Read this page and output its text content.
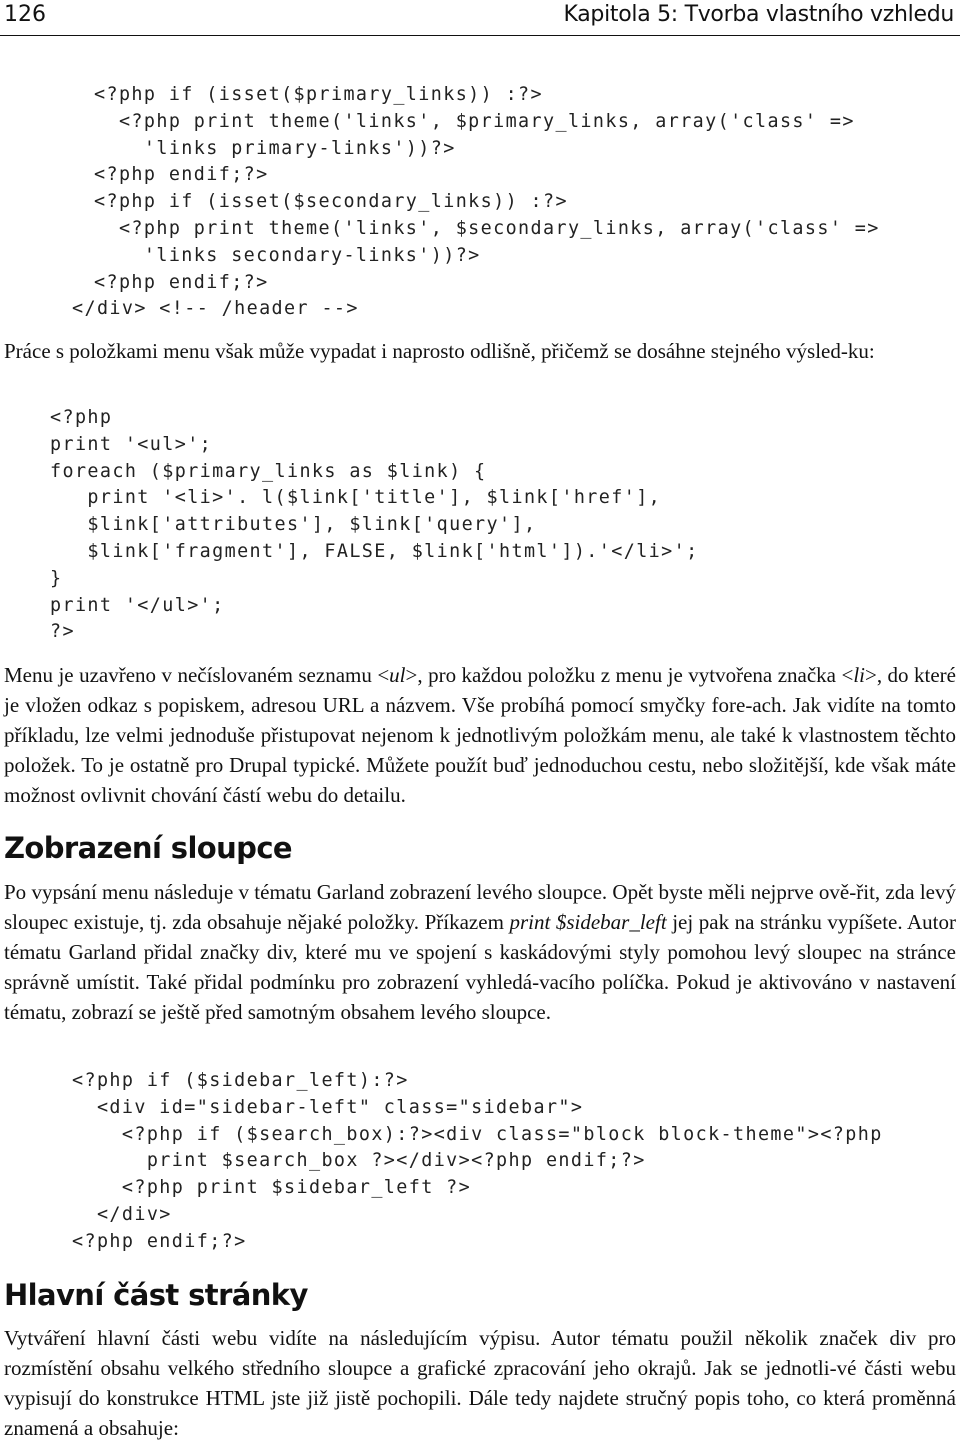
126	Kapitola 5: Tvorba vlastního vzhledu
<?php if (isset($primary_links)) :?>
<?php print theme('links', $primary_links, array('class' =>
'links primary-links'))?>
<?php endif;?>
<?php if (isset($secondary_links)) :?>
<?php print theme('links', $secondary_links, array('class' =>
'links secondary-links'))?>
<?php endif;?>
</div> <!-- /header -->

Práce s položkami menu však může vypadat i naprosto odlišně, přičemž se dosáhne stejného výsled-ku:

<?php
print '<ul>';
foreach ($primary_links as $link) {
print '<li>'. l($link['title'], $link['href'],
$link['attributes'], $link['query'],
$link['fragment'], FALSE, $link['html']).'</li>';
}
print '</ul>';
?>

Menu je uzavřeno v nečíslovaném seznamu <ul>, pro každou položku z menu je vytvořena značka <li>, do které je vložen odkaz s popiskem, adresou URL a názvem. Vše probíhá pomocí smyčky fore-ach. Jak vidíte na tomto příkladu, lze velmi jednoduše přistupovat nejenom k jednotlivým položkám menu, ale také k vlastnostem těchto položek. To je ostatně pro Drupal typické. Můžete použít buď jednoduchou cestu, nebo složitější, kde však máte možnost ovlivnit chování částí webu do detailu.

Zobrazení sloupce

Po vypsání menu následuje v tématu Garland zobrazení levého sloupce. Opět byste měli nejprve ově-řit, zda levý sloupec existuje, tj. zda obsahuje nějaké položky. Příkazem print $sidebar_left jej pak na stránku vypíšete. Autor tématu Garland přidal značky div, které mu ve spojení s kaskádovými styly pomohou levý sloupec na stránce správně umístit. Také přidal podmínku pro zobrazení vyhledá-vacího políčka. Pokud je aktivováno v nastavení tématu, zobrazí se ještě před samotným obsahem levého sloupce.

<?php if ($sidebar_left):?>
<div id="sidebar-left" class="sidebar">
<?php if ($search_box):?><div class="block block-theme"><?php
print $search_box ?></div><?php endif;?>
<?php print $sidebar_left ?>
</div>
<?php endif;?>
Hlavní část stránky

Vytváření hlavní části webu vidíte na následujícím výpisu. Autor tématu použil několik značek div pro rozmístění obsahu velkého středního sloupce a grafické zpracování jeho okrajů. Jak se jednotli-vé části webu vypisují do konstrukce HTML jste již jistě pochopili. Dále tedy najdete stručný popis toho, co která proměnná znamená a obsahuje:
